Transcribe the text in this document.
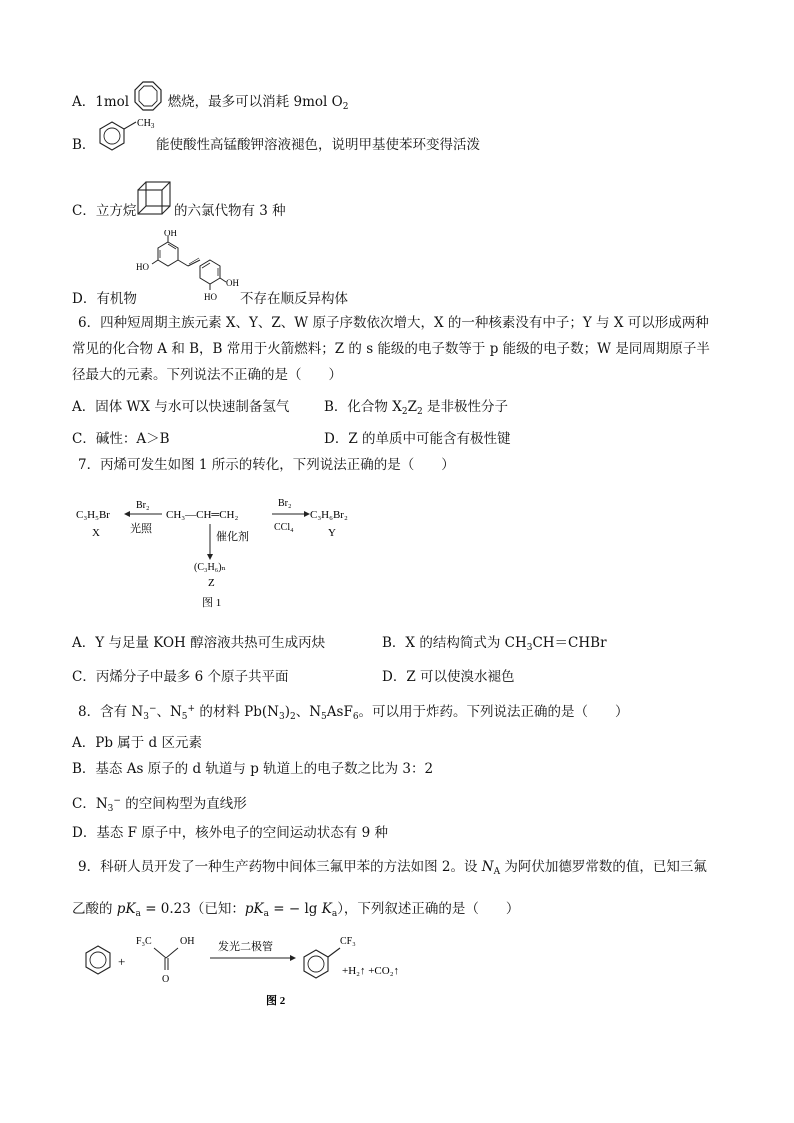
A．1mol	燃烧，最多可以消耗 9mol $O_2$
B．
$CH_3$
能使酸性高锰酸钾溶液褪色，说明甲基使苯环变得活泼
C．立方烷	的六氯代物有 3 种
OH
HO
OH
HO
D．有机物	不存在顺反异构体
6．四种短周期主族元素 X、Y、Z、W 原子序数依次增大，X 的一种核素没有中子；Y 与 X 可以形成两种
常见的化合物 A 和 B，B 常用于火箭燃料；Z 的 s 能级的电子数等于 p 能级的电子数；W 是同周期原子半
径最大的元素。下列说法不正确的是（　　）
A．固体 WX 与水可以快速制备氢气	B．化合物 $X_2Z_2$ 是非极性分子
C．碱性：A＞B	D．Z 的单质中可能含有极性键
7．丙烯可发生如图 1 所示的转化，下列说法正确的是（　　）
C₃H₅Br
X
Br₂
光照
CH₃—CH═CH₂
Br₂
CCl₄
C₃H₆Br₂
Y
催化剂
(C₃H₆)ₙ
Z
图 1
A．Y 与足量 KOH 醇溶液共热可生成丙炔	B．X 的结构简式为 $CH_3CH=CHBr$
C．丙烯分子中最多 6 个原子共平面	D．Z 可以使溴水褪色
8．含有 $N_3^-$、$N_5^+$ 的材料 $Pb(N_3)_2$、$N_5AsF_6$。可以用于炸药。下列说法正确的是（　　）
A．Pb 属于 d 区元素
B．基态 As 原子的 d 轨道与 p 轨道上的电子数之比为 3：2
C．$N_3^-$ 的空间构型为直线形
D．基态 F 原子中，核外电子的空间运动状态有 9 种
9．科研人员开发了一种生产药物中间体三氟甲苯的方法如图 2。设 $N_A$ 为阿伏加德罗常数的值，已知三氟
乙酸的 $pK_a = 0.23$（已知：$pK_a$ = − $\lg K_a$），下列叙述正确的是（　　）
+
F₃C	OH
O
发光二极管	CF₃
+H₂↑ +CO₂↑
图 2
